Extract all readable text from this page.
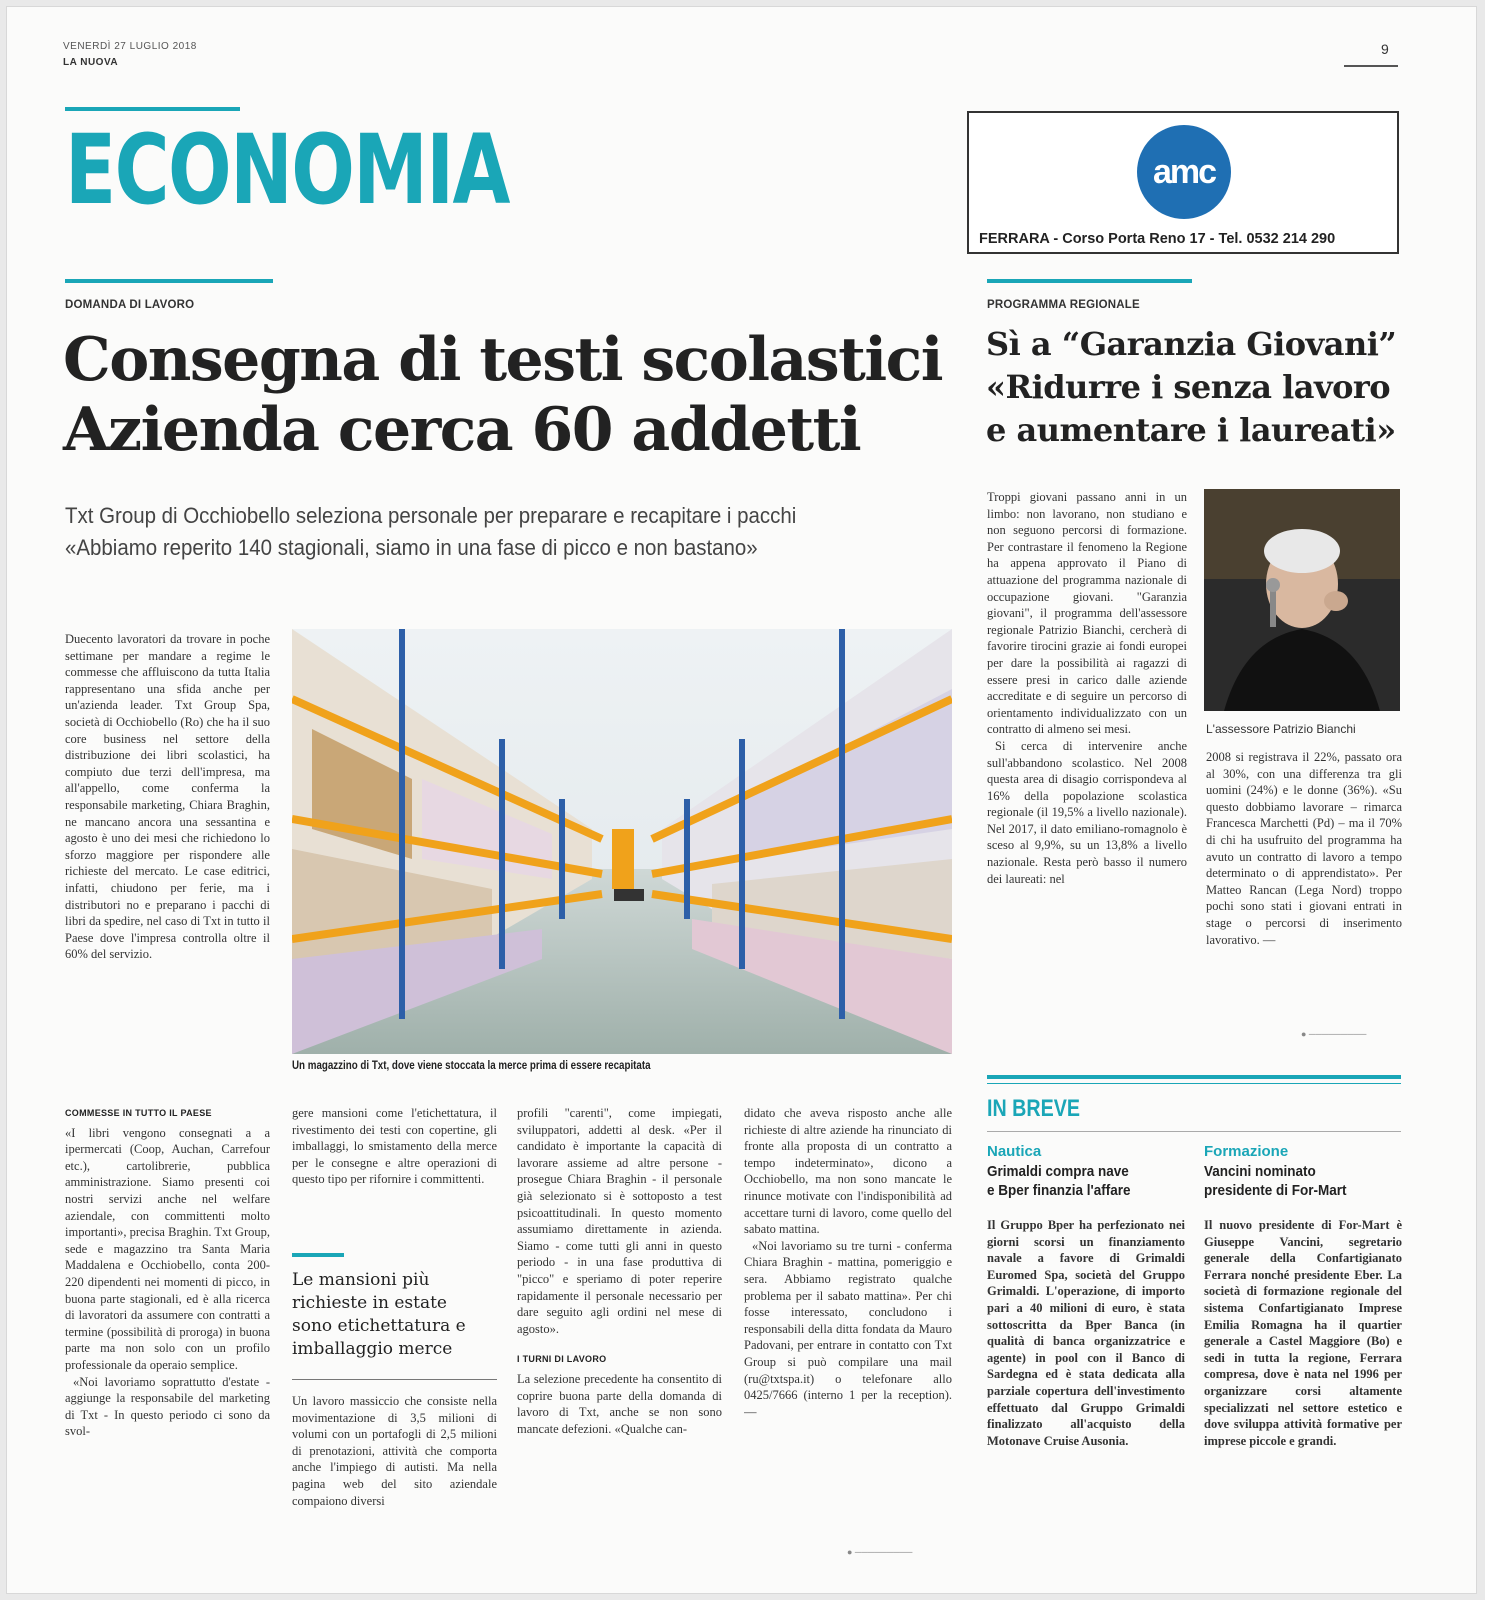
VENERDÌ 27 LUGLIO 2018
LA NUOVA
9
ECONOMIA	amc
FERRARA - Corso Porta Reno 17 - Tel. 0532 214 290
DOMANDA DI LAVORO
Consegna di testi scolastici
Azienda cerca 60 addetti
Txt Group di Occhiobello seleziona personale per preparare e recapitare i pacchi
«Abbiamo reperito 140 stagionali, siamo in una fase di picco e non bastano»
Un magazzino di Txt, dove viene stoccata la merce prima di essere recapitata

Duecento lavoratori da trovare in poche settimane per mandare a regime le commesse che affluiscono da tutta Italia rappresentano una sfida anche per un'azienda leader. Txt Group Spa, società di Occhiobello (Ro) che ha il suo core business nel settore della distribuzione dei libri scolastici, ha compiuto due terzi dell'impresa, ma all'appello, come conferma la responsabile marketing, Chiara Braghin, ne mancano ancora una sessantina e agosto è uno dei mesi che richiedono lo sforzo maggiore per rispondere alle richieste del mercato. Le case editrici, infatti, chiudono per ferie, ma i distributori no e preparano i pacchi di libri da spedire, nel caso di Txt in tutto il Paese dove l'impresa controlla oltre il 60% del servizio.

COMMESSE IN TUTTO IL PAESE

«I libri vengono consegnati a a ipermercati (Coop, Auchan, Carrefour etc.), cartolibrerie, pubblica amministrazione. Siamo presenti coi nostri servizi anche nel welfare aziendale, con committenti molto importanti», precisa Braghin. Txt Group, sede e magazzino tra Santa Maria Maddalena e Occhiobello, conta 200-220 dipendenti nei momenti di picco, in buona parte stagionali, ed è alla ricerca di lavoratori da assumere con contratti a termine (possibilità di proroga) in buona parte ma non solo con un profilo professionale da operaio semplice.

«Noi lavoriamo soprattutto d'estate - aggiunge la responsabile del marketing di Txt - In questo periodo ci sono da svol-

gere mansioni come l'etichettatura, il rivestimento dei testi con copertine, gli imballaggi, lo smistamento della merce per le consegne e altre operazioni di questo tipo per rifornire i committenti.

Le mansioni più richieste in estate sono etichettatura e imballaggio merce

Un lavoro massiccio che consiste nella movimentazione di 3,5 milioni di volumi con un portafogli di 2,5 milioni di prenotazioni, attività che comporta anche l'impiego di autisti. Ma nella pagina web del sito aziendale compaiono diversi

profili "carenti", come impiegati, sviluppatori, addetti al desk. «Per il candidato è importante la capacità di lavorare assieme ad altre persone - prosegue Chiara Braghin - il personale già selezionato si è sottoposto a test psicoattitudinali. In questo momento assumiamo direttamente in azienda. Siamo - come tutti gli anni in questo periodo - in una fase produttiva di "picco" e speriamo di poter reperire rapidamente il personale necessario per dare seguito agli ordini nel mese di agosto».

I TURNI DI LAVORO

La selezione precedente ha consentito di coprire buona parte della domanda di lavoro di Txt, anche se non sono mancate defezioni. «Qualche can-

didato che aveva risposto anche alle richieste di altre aziende ha rinunciato di fronte alla proposta di un contratto a tempo indeterminato», dicono a Occhiobello, ma non sono mancate le rinunce motivate con l'indisponibilità ad accettare turni di lavoro, come quello del sabato mattina.

«Noi lavoriamo su tre turni - conferma Chiara Braghin - mattina, pomeriggio e sera. Abbiamo registrato qualche problema per il sabato mattina». Per chi fosse interessato, concludono i responsabili della ditta fondata da Mauro Padovani, per entrare in contatto con Txt Group si può compilare una mail (ru@txtspa.it) o telefonare allo 0425/7666 (interno 1 per la reception). —

● ─────────
PROGRAMMA REGIONALE
Sì a “Garanzia Giovani”
«Ridurre i senza lavoro
e aumentare i laureati»

Troppi giovani passano anni in un limbo: non lavorano, non studiano e non seguono percorsi di formazione. Per contrastare il fenomeno la Regione ha appena approvato il Piano di attuazione del programma nazionale di occupazione giovani. "Garanzia giovani", il programma dell'assessore regionale Patrizio Bianchi, cercherà di favorire tirocini grazie ai fondi europei per dare la possibilità ai ragazzi di essere presi in carico dalle aziende accreditate e di seguire un percorso di orientamento individualizzato con un contratto di almeno sei mesi.

Si cerca di intervenire anche sull'abbandono scolastico. Nel 2008 questa area di disagio corrispondeva al 16% della popolazione scolastica regionale (il 19,5% a livello nazionale). Nel 2017, il dato emiliano-romagnolo è sceso al 9,9%, su un 13,8% a livello nazionale. Resta però basso il numero dei laureati: nel

L'assessore Patrizio Bianchi

2008 si registrava il 22%, passato ora al 30%, con una differenza tra gli uomini (24%) e le donne (36%). «Su questo dobbiamo lavorare – rimarca Francesca Marchetti (Pd) – ma il 70% di chi ha usufruito del programma ha avuto un contratto di lavoro a tempo determinato o di apprendistato». Per Matteo Rancan (Lega Nord) troppo pochi sono stati i giovani entrati in stage o percorsi di inserimento lavorativo. —

● ─────────
IN BREVE
Nautica
Grimaldi compra nave
e Bper finanzia l'affare

Il Gruppo Bper ha perfezionato nei giorni scorsi un finanziamento navale a favore di Grimaldi Euromed Spa, società del Gruppo Grimaldi. L'operazione, di importo pari a 40 milioni di euro, è stata sottoscritta da Bper Banca (in qualità di banca organizzatrice e agente) in pool con il Banco di Sardegna ed è stata dedicata alla parziale copertura dell'investimento effettuato dal Gruppo Grimaldi finalizzato all'acquisto della Motonave Cruise Ausonia.

Formazione
Vancini nominato
presidente di For-Mart

Il nuovo presidente di For-Mart è Giuseppe Vancini, segretario generale della Confartigianato Ferrara nonché presidente Eber. La società di formazione regionale del sistema Confartigianato Imprese Emilia Romagna ha il quartier generale a Castel Maggiore (Bo) e sedi in tutta la regione, Ferrara compresa, dove è nata nel 1996 per organizzare corsi altamente specializzati nel settore estetico e dove sviluppa attività formative per imprese piccole e grandi.
